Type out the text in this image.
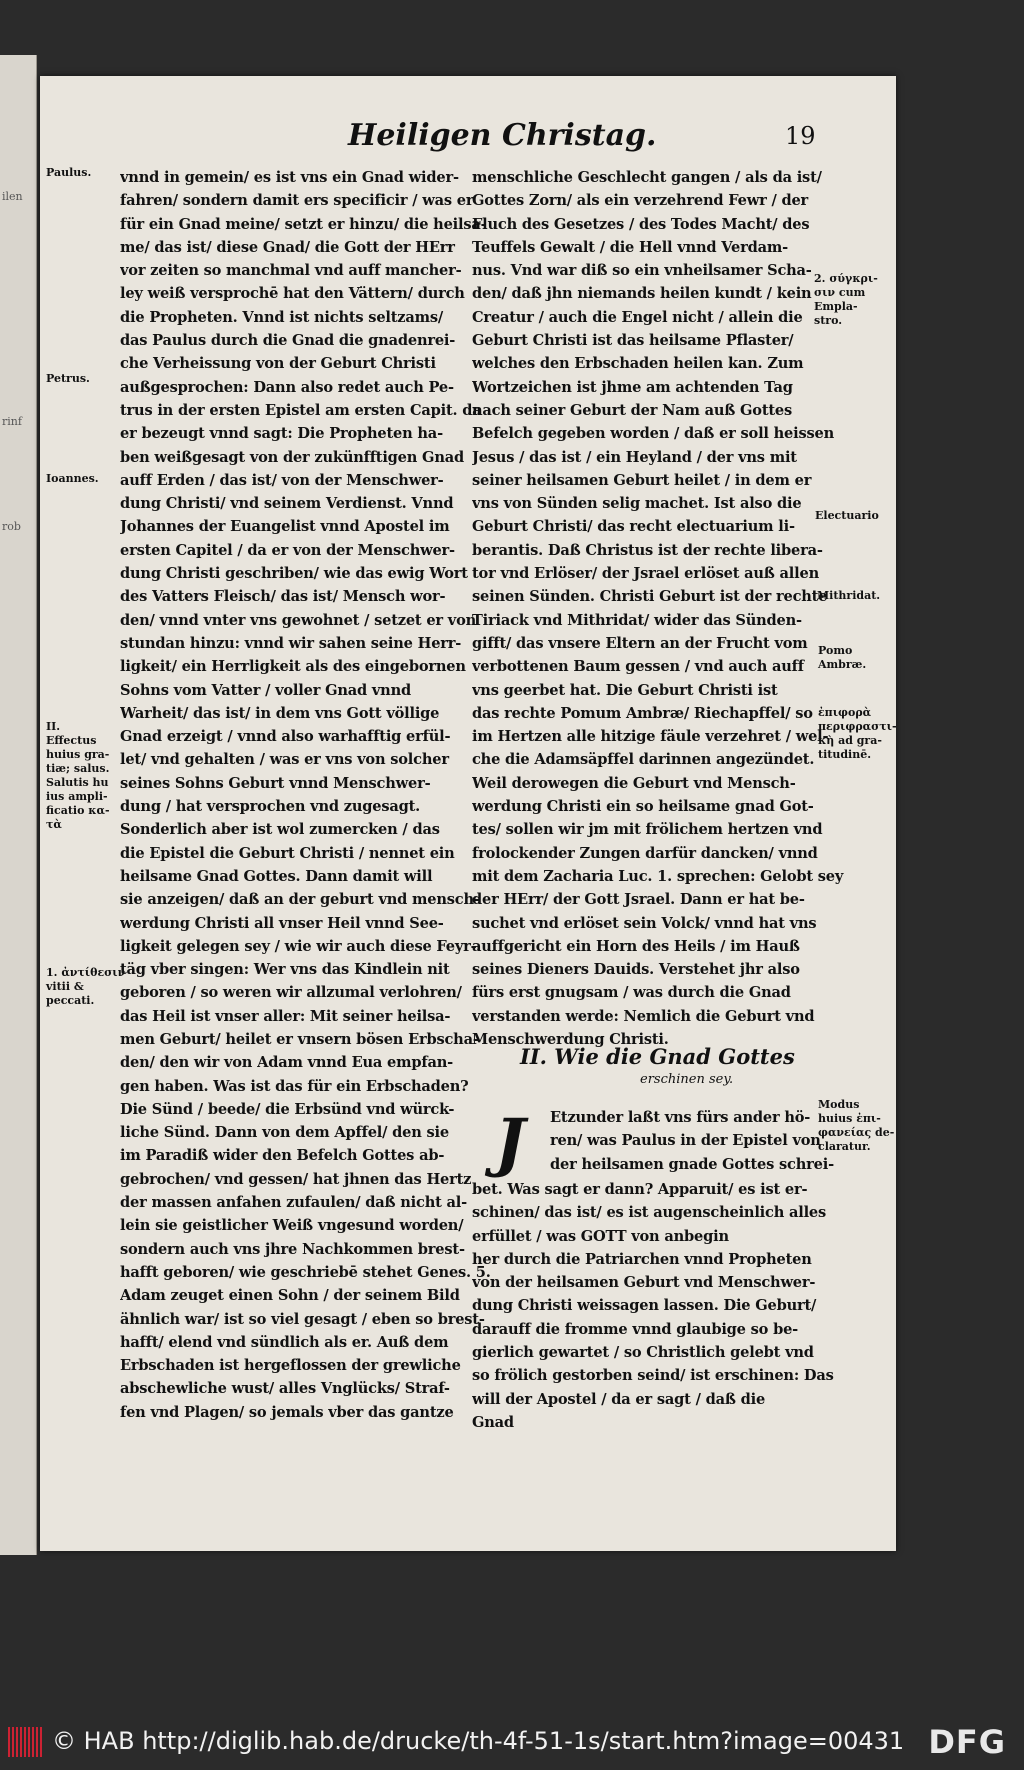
ilen
rinf
rob
Heiligen Christag.	19
vnnd in gemein/ es ist vns ein Gnad wider-
fahren/ sondern damit ers specificir / was er
für ein Gnad meine/ setzt er hinzu/ die heilsa-
me/ das ist/ diese Gnad/ die Gott der HErr
vor zeiten so manchmal vnd auff mancher-
ley weiß versprochē hat den Vättern/ durch
die Propheten. Vnnd ist nichts seltzams/
das Paulus durch die Gnad die gnadenrei-
che Verheissung von der Geburt Christi
außgesprochen: Dann also redet auch Pe-
trus in der ersten Epistel am ersten Capit. da
er bezeugt vnnd sagt: Die Propheten ha-
ben weißgesagt von der zukünfftigen Gnad
auff Erden / das ist/ von der Menschwer-
dung Christi/ vnd seinem Verdienst. Vnnd
Johannes der Euangelist vnnd Apostel im
ersten Capitel / da er von der Menschwer-
dung Christi geschriben/ wie das ewig Wort
des Vatters Fleisch/ das ist/ Mensch wor-
den/ vnnd vnter vns gewohnet / setzet er von
stundan hinzu: vnnd wir sahen seine Herr-
ligkeit/ ein Herrligkeit als des eingebornen
Sohns vom Vatter / voller Gnad vnnd
Warheit/ das ist/ in dem vns Gott völlige
Gnad erzeigt / vnnd also warhafftig erfül-
let/ vnd gehalten / was er vns von solcher
seines Sohns Geburt vnnd Menschwer-
dung / hat versprochen vnd zugesagt.
Sonderlich aber ist wol zumercken / das
die Epistel die Geburt Christi / nennet ein
heilsame Gnad Gottes. Dann damit will
sie anzeigen/ daß an der geburt vnd mensch-
werdung Christi all vnser Heil vnnd See-
ligkeit gelegen sey / wie wir auch diese Feyr-
täg vber singen: Wer vns das Kindlein nit
geboren / so weren wir allzumal verlohren/
das Heil ist vnser aller: Mit seiner heilsa-
men Geburt/ heilet er vnsern bösen Erbscha-
den/ den wir von Adam vnnd Eua empfan-
gen haben. Was ist das für ein Erbschaden?
Die Sünd / beede/ die Erbsünd vnd würck-
liche Sünd. Dann von dem Apffel/ den sie
im Paradiß wider den Befelch Gottes ab-
gebrochen/ vnd gessen/ hat jhnen das Hertz
der massen anfahen zufaulen/ daß nicht al-
lein sie geistlicher Weiß vngesund worden/
sondern auch vns jhre Nachkommen brest-
hafft geboren/ wie geschriebē stehet Genes. 5.
Adam zeuget einen Sohn / der seinem Bild
ähnlich war/ ist so viel gesagt / eben so brest-
hafft/ elend vnd sündlich als er. Auß dem
Erbschaden ist hergeflossen der grewliche
abschewliche wust/ alles Vnglücks/ Straf-
fen vnd Plagen/ so jemals vber das gantze
menschliche Geschlecht gangen / als da ist/
Gottes Zorn/ als ein verzehrend Fewr / der
Fluch des Gesetzes / des Todes Macht/ des
Teuffels Gewalt / die Hell vnnd Verdam-
nus. Vnd war diß so ein vnheilsamer Scha-
den/ daß jhn niemands heilen kundt / kein
Creatur / auch die Engel nicht / allein die
Geburt Christi ist das heilsame Pflaster/
welches den Erbschaden heilen kan. Zum
Wortzeichen ist jhme am achtenden Tag
nach seiner Geburt der Nam auß Gottes
Befelch gegeben worden / daß er soll heissen
Jesus / das ist / ein Heyland / der vns mit
seiner heilsamen Geburt heilet / in dem er
vns von Sünden selig machet. Ist also die
Geburt Christi/ das recht electuarium li-
berantis. Daß Christus ist der rechte libera-
tor vnd Erlöser/ der Jsrael erlöset auß allen
seinen Sünden. Christi Geburt ist der rechte
Tiriack vnd Mithridat/ wider das Sünden-
gifft/ das vnsere Eltern an der Frucht vom
verbottenen Baum gessen / vnd auch auff
vns geerbet hat. Die Geburt Christi ist
das rechte Pomum Ambræ/ Riechapffel/ so
im Hertzen alle hitzige fäule verzehret / wel-
che die Adamsäpffel darinnen angezündet.
Weil derowegen die Geburt vnd Mensch-
werdung Christi ein so heilsame gnad Got-
tes/ sollen wir jm mit frölichem hertzen vnd
frolockender Zungen darfür dancken/ vnnd
mit dem Zacharia Luc. 1. sprechen: Gelobt sey
der HErr/ der Gott Jsrael. Dann er hat be-
suchet vnd erlöset sein Volck/ vnnd hat vns
auffgericht ein Horn des Heils / im Hauß
seines Dieners Dauids. Verstehet jhr also
fürs erst gnugsam / was durch die Gnad
verstanden werde: Nemlich die Geburt vnd
Menschwerdung Christi.
II. Wie die Gnad Gottes
erschinen sey.
J	Etzunder laßt vns fürs ander hö-
ren/ was Paulus in der Epistel von
der heilsamen gnade Gottes schrei-
bet. Was sagt er dann? Apparuit/ es ist er-
schinen/ das ist/ es ist augenscheinlich alles
erfüllet / was GOTT von anbegin
her durch die Patriarchen vnnd Propheten
von der heilsamen Geburt vnd Menschwer-
dung Christi weissagen lassen. Die Geburt/
darauff die fromme vnnd glaubige so be-
gierlich gewartet / so Christlich gelebt vnd
so frölich gestorben seind/ ist erschinen: Das
will der Apostel / da er sagt / daß die
Gnad
Paulus.
Petrus.
Ioannes.
II.
Effectus
huius gra-
tiæ; salus.
Salutis hu
ius ampli-
ficatio κα-
τὰ
1. ἀντίθεσιν
vitii &
peccati.
2. σύγκρι-
σιν cum
Empla-
stro.
Electuario
Mithridat.
Pomo
Ambræ.
ἐπιφορὰ
περιφραστι-
κὴ ad gra-
titudinē.
Modus
huius ἐπι-
φανείας de-
claratur.
© HAB http://diglib.hab.de/drucke/th-4f-51-1s/start.htm?image=00431 DFG
